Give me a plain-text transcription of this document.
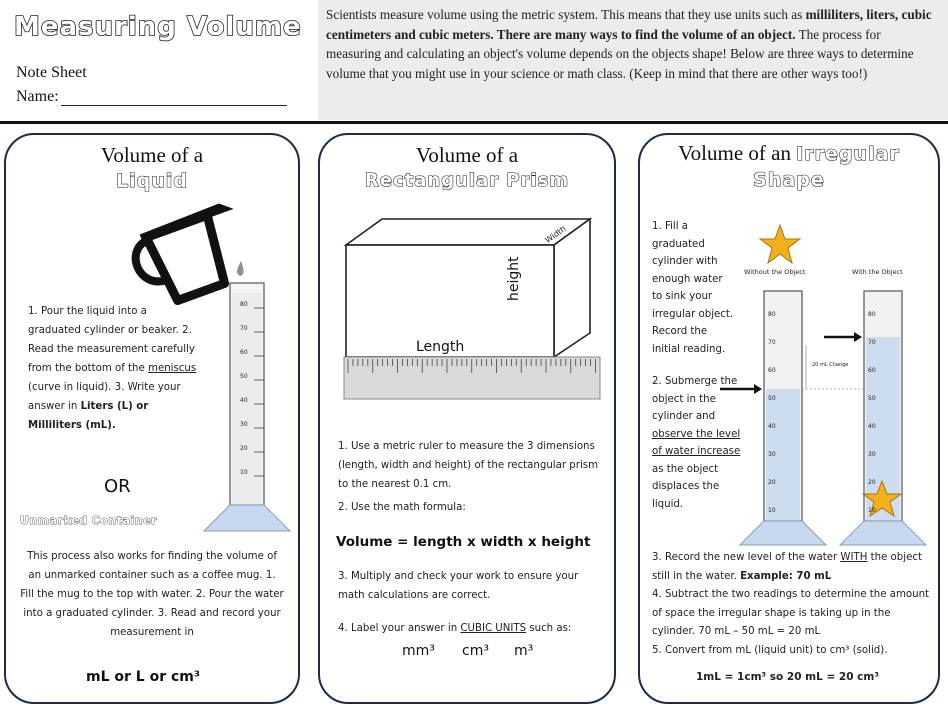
Measuring Volume
Note Sheet
Name:
Scientists measure volume using the metric system. This means that they use units such as milliliters, liters, cubic centimeters and cubic meters. There are many ways to find the volume of an object. The process for measuring and calculating an object's volume depends on the objects shape! Below are three ways to determine volume that you might use in your science or math class. (Keep in mind that there are other ways too!)
Volume of a
Liquid
80
70
60
50
40
30
20
10
1. Pour the liquid into a graduated cylinder or beaker. 2. Read the measurement carefully from the bottom of the meniscus (curve in liquid). 3. Write your answer in Liters (L) or Milliliters (mL).
OR
Unmarked Container
This process also works for finding the volume of an unmarked container such as a coffee mug. 1. Fill the mug to the top with water. 2. Pour the water into a graduated cylinder. 3. Read and record your measurement in
mL or L or cm³
Volume of a
Rectangular Prism
Width
height
Length
1. Use a metric ruler to measure the 3 dimensions (length, width and height) of the rectangular prism to the nearest 0.1 cm.
2. Use the math formula:
Volume = length x width x height
3. Multiply and check your work to ensure your math calculations are correct.
4. Label your answer in CUBIC UNITS such as:
mm³ cm³ m³
Volume of an Irregular
Shape
1. Fill a graduated cylinder with enough water to sink your irregular object. Record the initial reading.
2. Submerge the object in the cylinder and observe the level of water increase as the object displaces the liquid.
Without the Object	With the Object
20 mL Change
80
70
60
50
40
30
20
10
80
70
60
50
40
30
20
10
3. Record the new level of the water WITH the object still in the water. Example: 70 mL
4. Subtract the two readings to determine the amount of space the irregular shape is taking up in the cylinder. 70 mL – 50 mL = 20 mL
5. Convert from mL (liquid unit) to cm³ (solid).
1mL = 1cm³ so 20 mL = 20 cm³
